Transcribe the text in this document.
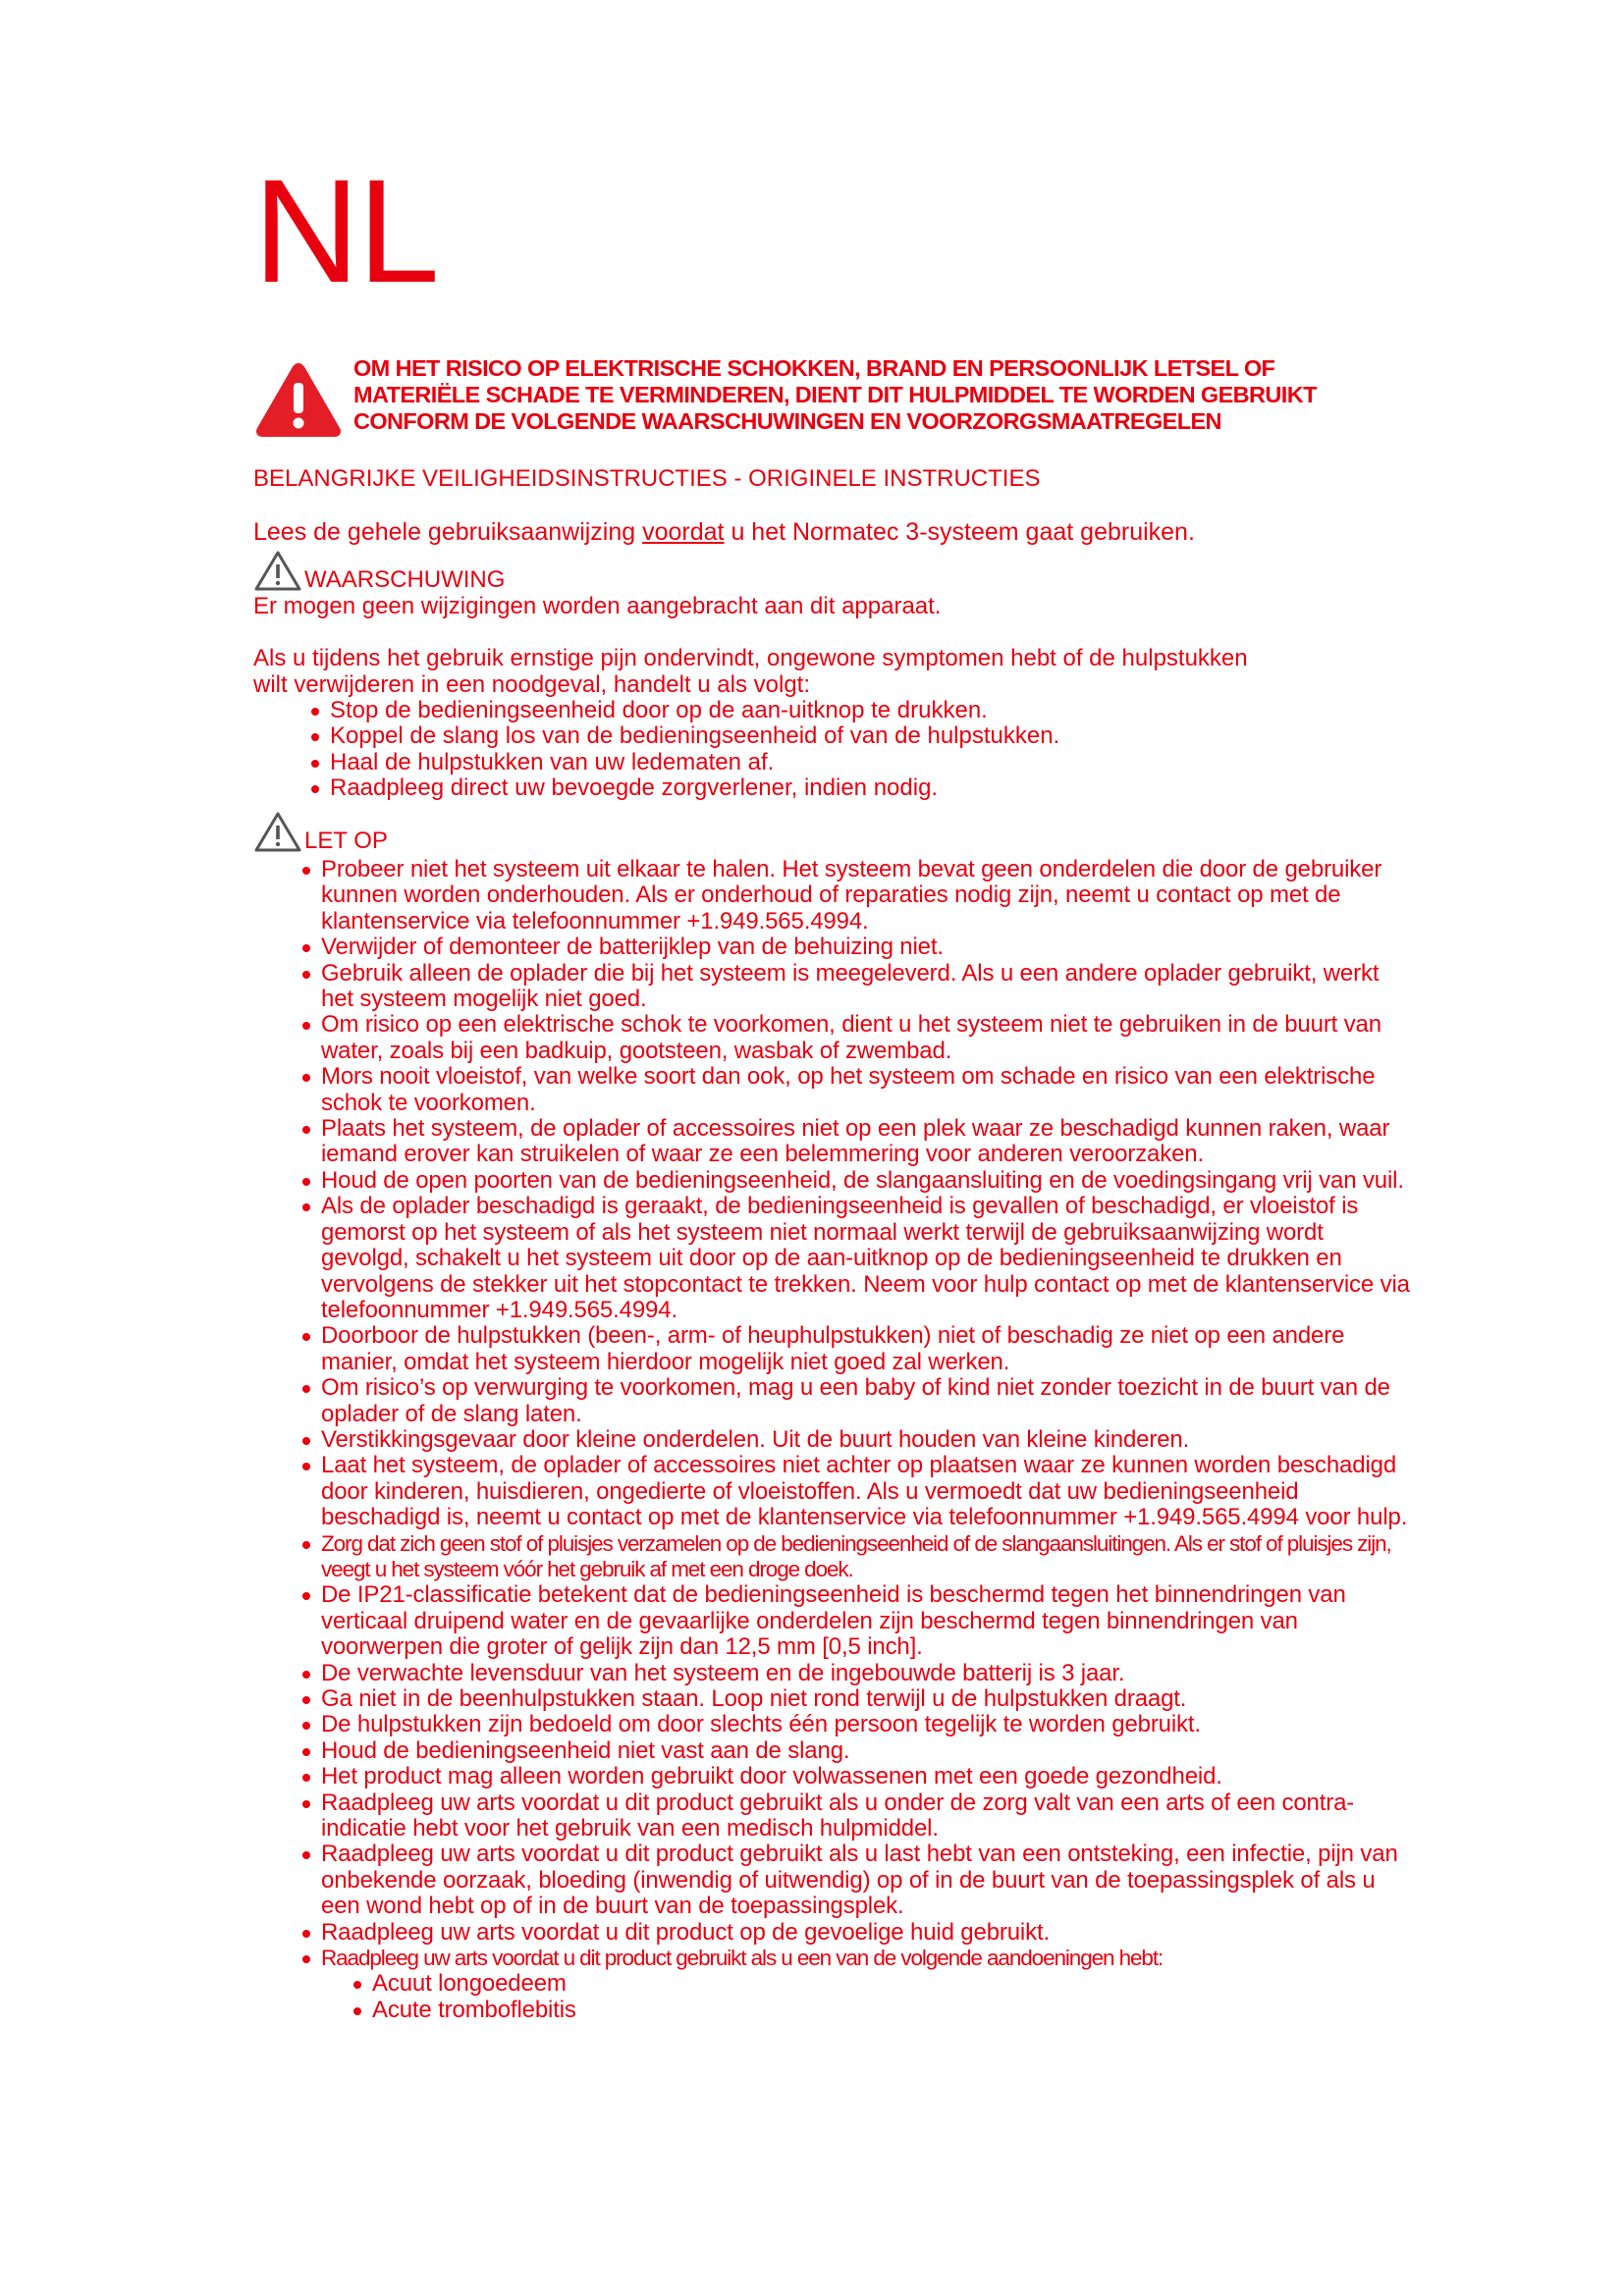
NL
OM HET RISICO OP ELEKTRISCHE SCHOKKEN, BRAND EN PERSOONLIJK LETSEL OF MATERIËLE SCHADE TE VERMINDEREN, DIENT DIT HULPMIDDEL TE WORDEN GEBRUIKT CONFORM DE VOLGENDE WAARSCHUWINGEN EN VOORZORGSMAATREGELEN
BELANGRIJKE VEILIGHEIDSINSTRUCTIES - ORIGINELE INSTRUCTIES
Lees de gehele gebruiksaanwijzing voordat u het Normatec 3-systeem gaat gebruiken.
WAARSCHUWING
Er mogen geen wijzigingen worden aangebracht aan dit apparaat.
Als u tijdens het gebruik ernstige pijn ondervindt, ongewone symptomen hebt of de hulpstukken wilt verwijderen in een noodgeval, handelt u als volgt:
Stop de bedieningseenheid door op de aan-uitknop te drukken.
Koppel de slang los van de bedieningseenheid of van de hulpstukken.
Haal de hulpstukken van uw ledematen af.
Raadpleeg direct uw bevoegde zorgverlener, indien nodig.
LET OP
Probeer niet het systeem uit elkaar te halen. Het systeem bevat geen onderdelen die door de gebruiker kunnen worden onderhouden. Als er onderhoud of reparaties nodig zijn, neemt u contact op met de klantenservice via telefoonnummer +1.949.565.4994.
Verwijder of demonteer de batterijklep van de behuizing niet.
Gebruik alleen de oplader die bij het systeem is meegeleverd. Als u een andere oplader gebruikt, werkt het systeem mogelijk niet goed.
Om risico op een elektrische schok te voorkomen, dient u het systeem niet te gebruiken in de buurt van water, zoals bij een badkuip, gootsteen, wasbak of zwembad.
Mors nooit vloeistof, van welke soort dan ook, op het systeem om schade en risico van een elektrische schok te voorkomen.
Plaats het systeem, de oplader of accessoires niet op een plek waar ze beschadigd kunnen raken, waar iemand erover kan struikelen of waar ze een belemmering voor anderen veroorzaken.
Houd de open poorten van de bedieningseenheid, de slangaansluiting en de voedingsingang vrij van vuil.
Als de oplader beschadigd is geraakt, de bedieningseenheid is gevallen of beschadigd, er vloeistof is gemorst op het systeem of als het systeem niet normaal werkt terwijl de gebruiksaanwijzing wordt gevolgd, schakelt u het systeem uit door op de aan-uitknop op de bedieningseenheid te drukken en vervolgens de stekker uit het stopcontact te trekken. Neem voor hulp contact op met de klantenservice via telefoonnummer +1.949.565.4994.
Doorboor de hulpstukken (been-, arm- of heuphulpstukken) niet of beschadig ze niet op een andere manier, omdat het systeem hierdoor mogelijk niet goed zal werken.
Om risico’s op verwurging te voorkomen, mag u een baby of kind niet zonder toezicht in de buurt van de oplader of de slang laten.
Verstikkingsgevaar door kleine onderdelen. Uit de buurt houden van kleine kinderen.
Laat het systeem, de oplader of accessoires niet achter op plaatsen waar ze kunnen worden beschadigd door kinderen, huisdieren, ongedierte of vloeistoffen. Als u vermoedt dat uw bedieningseenheid beschadigd is, neemt u contact op met de klantenservice via telefoonnummer +1.949.565.4994 voor hulp.
Zorg dat zich geen stof of pluisjes verzamelen op de bedieningseenheid of de slangaansluitingen. Als er stof of pluisjes zijn, veegt u het systeem vóór het gebruik af met een droge doek.
De IP21-classificatie betekent dat de bedieningseenheid is beschermd tegen het binnendringen van verticaal druipend water en de gevaarlijke onderdelen zijn beschermd tegen binnendringen van voorwerpen die groter of gelijk zijn dan 12,5 mm [0,5 inch].
De verwachte levensduur van het systeem en de ingebouwde batterij is 3 jaar.
Ga niet in de beenhulpstukken staan. Loop niet rond terwijl u de hulpstukken draagt.
De hulpstukken zijn bedoeld om door slechts één persoon tegelijk te worden gebruikt.
Houd de bedieningseenheid niet vast aan de slang.
Het product mag alleen worden gebruikt door volwassenen met een goede gezondheid.
Raadpleeg uw arts voordat u dit product gebruikt als u onder de zorg valt van een arts of een contra-indicatie hebt voor het gebruik van een medisch hulpmiddel.
Raadpleeg uw arts voordat u dit product gebruikt als u last hebt van een ontsteking, een infectie, pijn van onbekende oorzaak, bloeding (inwendig of uitwendig) op of in de buurt van de toepassingsplek of als u een wond hebt op of in de buurt van de toepassingsplek.
Raadpleeg uw arts voordat u dit product op de gevoelige huid gebruikt.
Raadpleeg uw arts voordat u dit product gebruikt als u een van de volgende aandoeningen hebt:
Acuut longoedeem
Acute tromboflebitis
